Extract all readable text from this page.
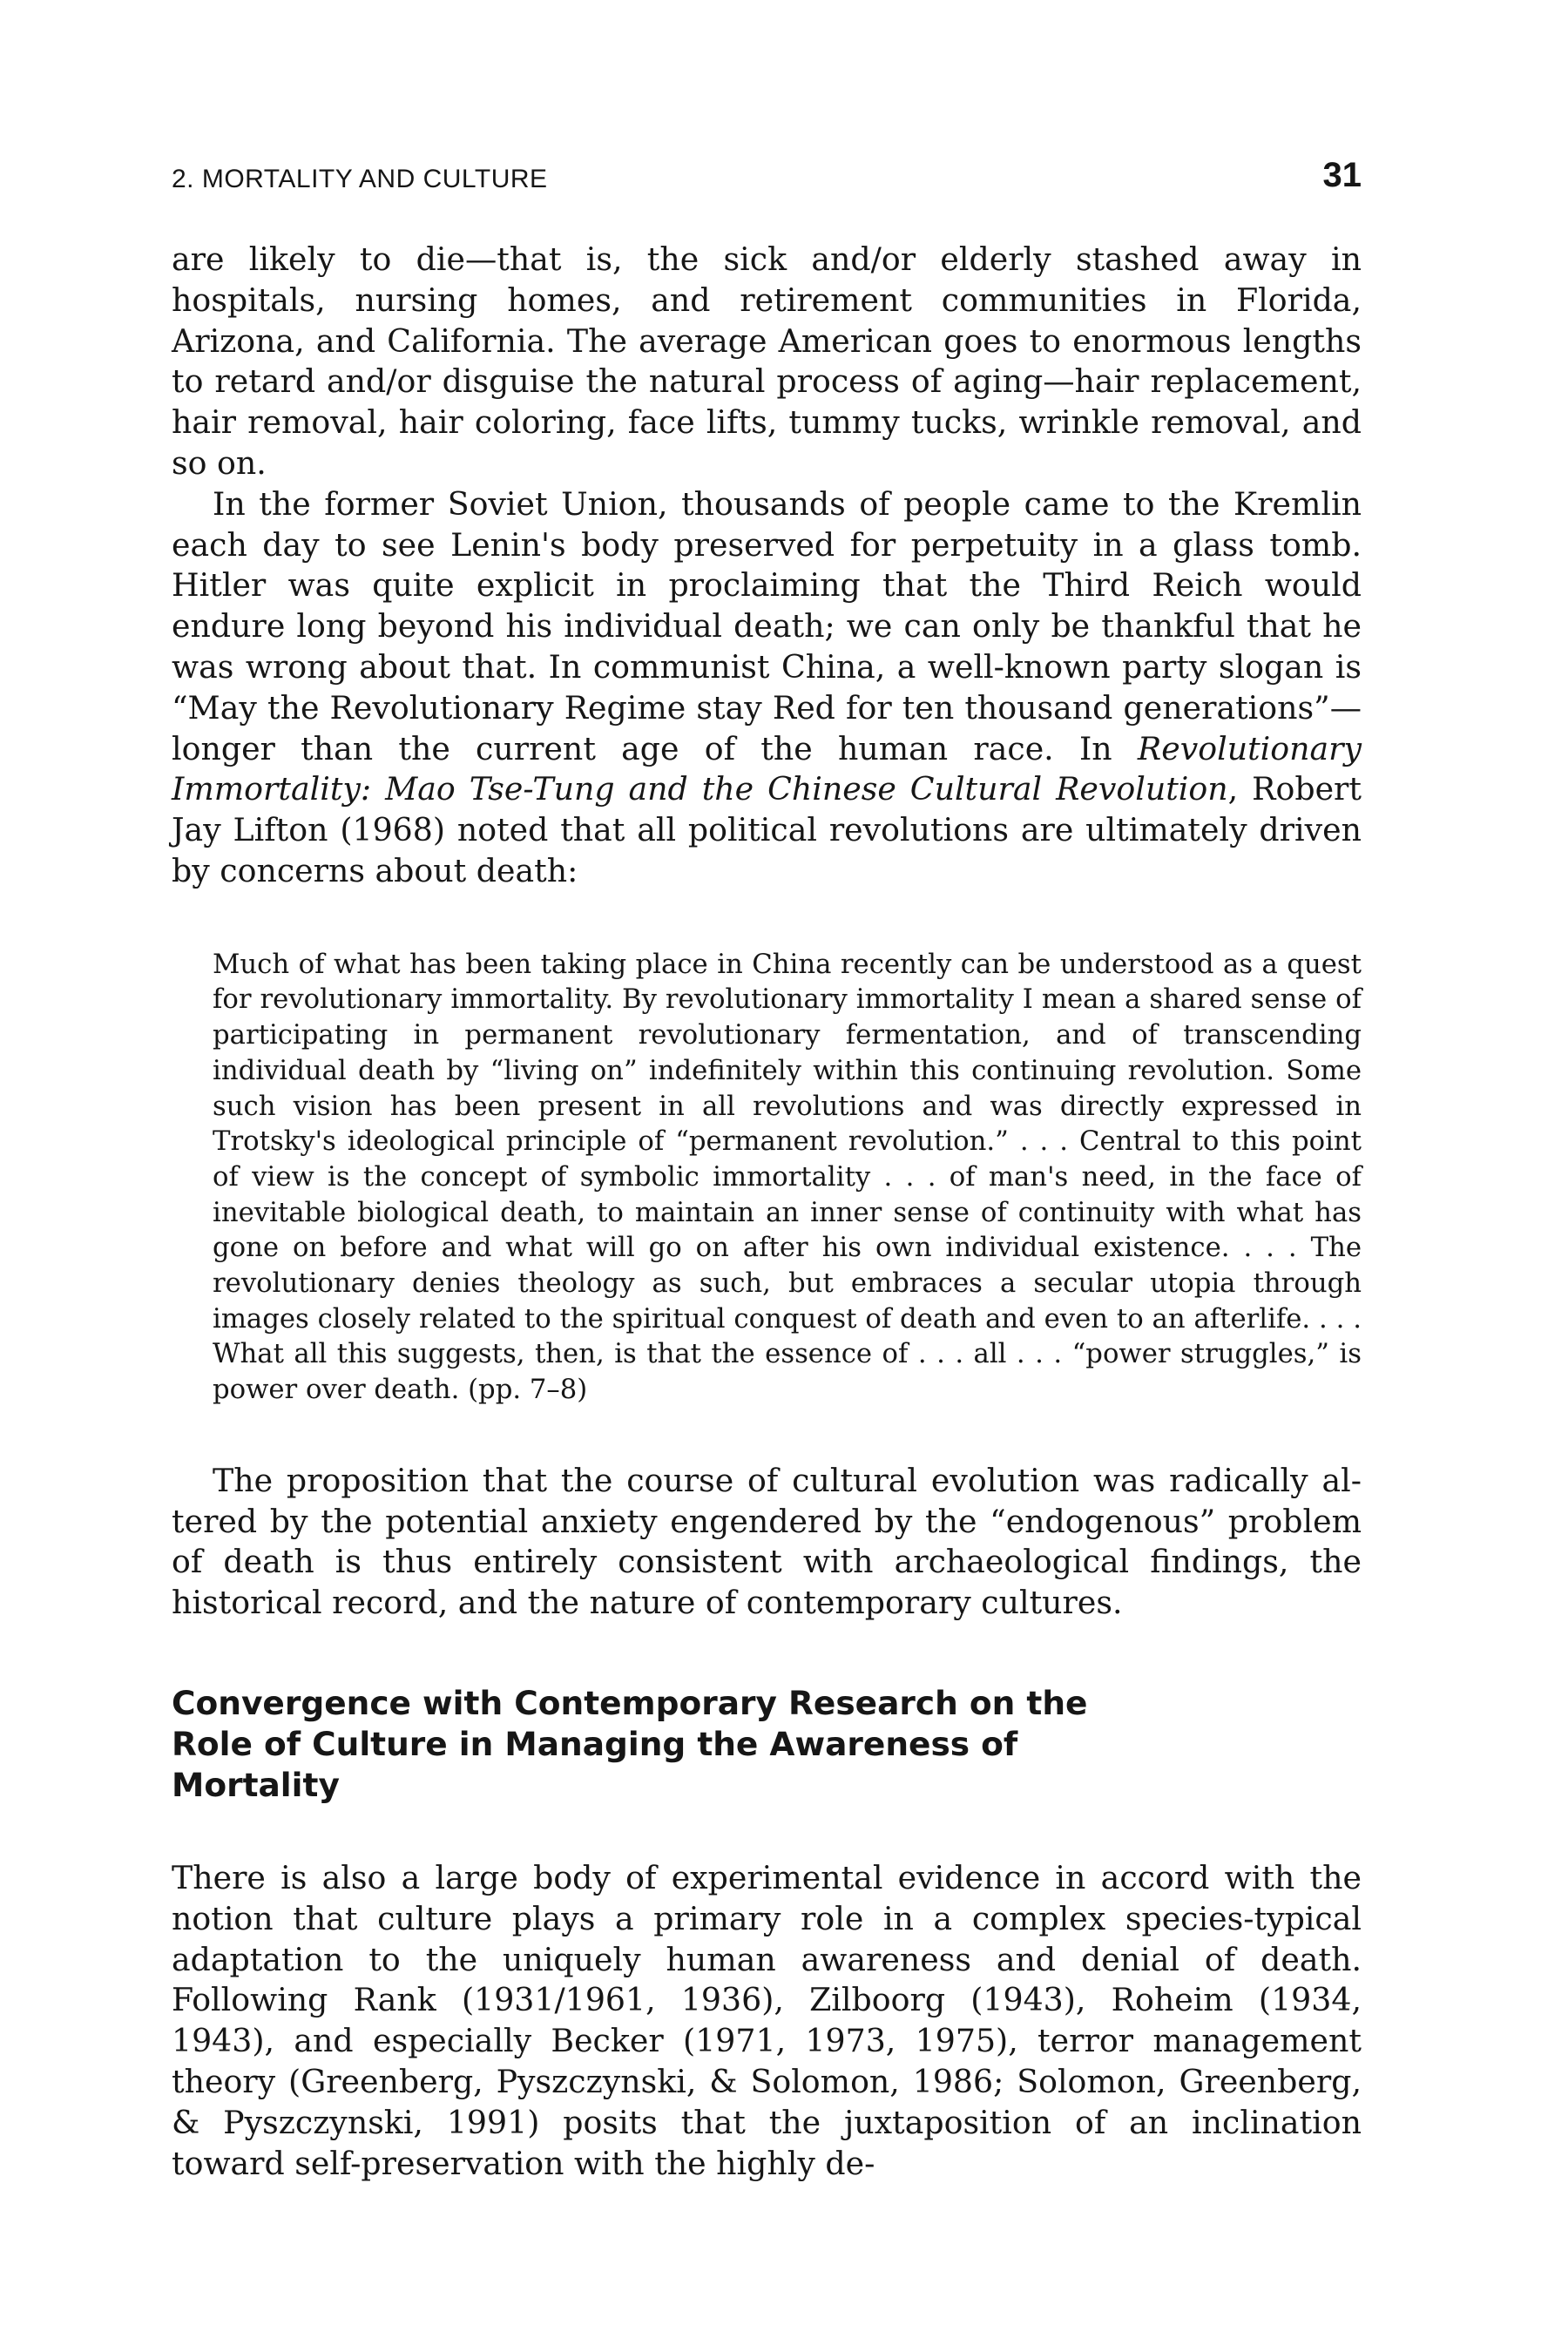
2. MORTALITY AND CULTURE	31

are likely to die—that is, the sick and/or elderly stashed away in hospitals, nursing homes, and retirement communities in Florida, Arizona, and California. The average American goes to enormous lengths to retard and/or disguise the natural process of aging—hair replacement, hair removal, hair coloring, face lifts, tummy tucks, wrinkle removal, and so on.

In the former Soviet Union, thousands of people came to the Kremlin each day to see Lenin's body preserved for perpetuity in a glass tomb. Hitler was quite explicit in proclaiming that the Third Reich would endure long beyond his individual death; we can only be thankful that he was wrong about that. In communist China, a well-known party slogan is “May the Revolutionary Regime stay Red for ten thousand generations”—longer than the current age of the human race. In Revolutionary Immortality: Mao Tse-Tung and the Chinese Cultural Revolution, Robert Jay Lifton (1968) noted that all political revolutions are ultimately driven by concerns about death:

Much of what has been taking place in China recently can be understood as a quest for revolutionary immortality. By revolutionary immortality I mean a shared sense of participating in permanent revolutionary fermentation, and of transcending individual death by “living on” indefinitely within this continuing revolution. Some such vision has been present in all revolutions and was directly expressed in Trotsky's ideological principle of “permanent revolution.” . . . Central to this point of view is the concept of symbolic immortality . . . of man's need, in the face of inevitable biological death, to maintain an inner sense of continuity with what has gone on before and what will go on after his own individual existence. . . . The revolutionary denies theology as such, but embraces a secular utopia through images closely related to the spiritual conquest of death and even to an afterlife. . . . What all this suggests, then, is that the essence of . . . all . . . “power struggles,” is power over death. (pp. 7–8)

The proposition that the course of cultural evolution was radically altered by the potential anxiety engendered by the “endogenous” problem of death is thus entirely consistent with archaeological findings, the historical record, and the nature of contemporary cultures.

Convergence with Contemporary Research on the Role of Culture in Managing the Awareness of Mortality

There is also a large body of experimental evidence in accord with the notion that culture plays a primary role in a complex species-typical adaptation to the uniquely human awareness and denial of death. Following Rank (1931/1961, 1936), Zilboorg (1943), Roheim (1934, 1943), and especially Becker (1971, 1973, 1975), terror management theory (Greenberg, Pyszczynski, & Solomon, 1986; Solomon, Greenberg, & Pyszczynski, 1991) posits that the juxtaposition of an inclination toward self-preservation with the highly de-
